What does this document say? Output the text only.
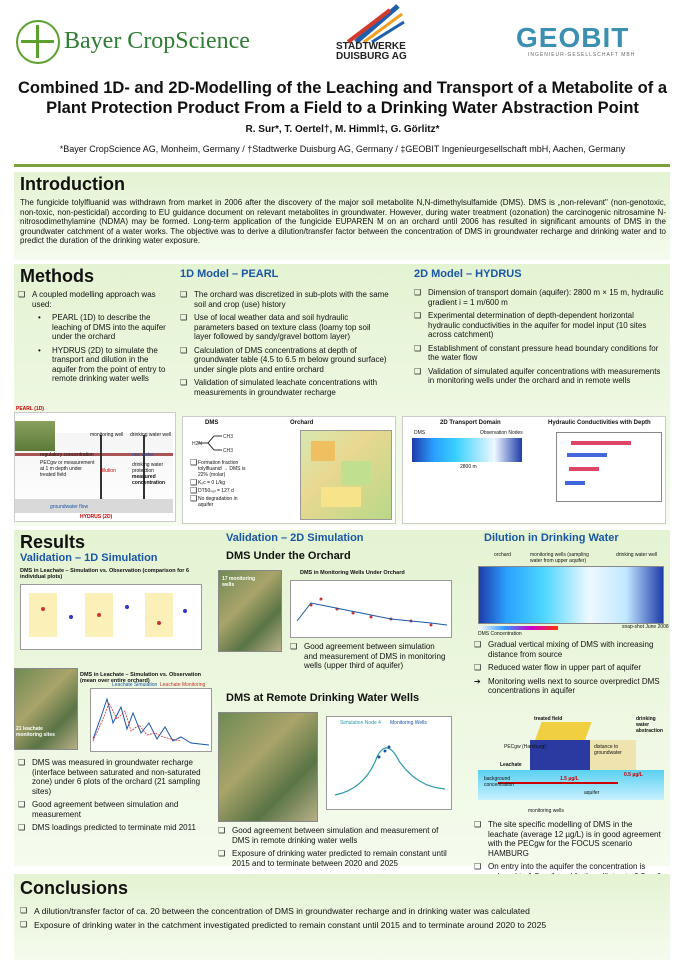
Bayer CropScience	STADTWERKE DUISBURG AG
GEOBIT
INGENIEUR-GESELLSCHAFT MBH
Combined 1D- and 2D-Modelling of the Leaching and Transport of a Metabolite of a Plant Protection Product From a Field to a Drinking Water Abstraction Point
R. Sur*, T. Oertel†, M. Himml‡, G. Görlitz*
*Bayer CropScience AG, Monheim, Germany / †Stadtwerke Duisburg AG, Germany / ‡GEOBIT Ingenieurgesellschaft mbH, Aachen, Germany
Introduction
The fungicide tolylfluanid was withdrawn from market in 2006 after the discovery of the major soil metabolite N,N-dimethylsulfamide (DMS). DMS is „non-relevant" (non-genotoxic, non-toxic, non-pesticidal) according to EU guidance document on relevant metabolites in groundwater. However, during water treatment (ozonation) the carcinogenic nitrosamine N-nitrosodimethylamine (NDMA) may be formed. Long-term application of the fungicide EUPAREN M on an orchard until 2006 has resulted in significant amounts of DMS in the groundwater catchment of a water works. The objective was to derive a dilution/transfer factor between the concentration of DMS in groundwater recharge and drinking water and to predict the duration of the drinking water exposure.
Methods
❑ A coupled modelling approach was used:
• PEARL (1D) to describe the leaching of DMS into the aquifer under the orchard
• HYDRUS (2D) to simulate the transport and dilution in the aquifer from the point of entry to remote drinking water wells
1D Model – PEARL
❑ The orchard was discretized in sub-plots with the same soil and crop (use) history
❑ Use of local weather data and soil hydraulic parameters based on texture class (loamy top soil layer followed by sandy/gravel bottom layer)
❑ Calculation of DMS concentrations at depth of groundwater table (4.5 to 6.5 m below ground surface) under single plots and entire orchard
❑ Validation of simulated leachate concentrations with measurements in groundwater recharge
2D Model – HYDRUS
❑ Dimension of transport domain (aquifer): 2800 m × 15 m, hydraulic gradient i = 1 m/600 m
❑ Experimental determination of depth-dependent horizontal hydraulic conductivities in the aquifer for model input (10 sites across catchment)
❑ Establishment of constant pressure head boundary conditions for the water flow
❑ Validation of simulated aquifer concentrations with measurements in monitoring wells under the orchard and in remote wells
PEARL (1D)
monitoring well drinking water well
regulatory concentration
PECgw or measurement at 1 m depth under treated field
raw water
drinking water protection
measured concentration
dilution
groundwater flow
HYDRUS (2D)
DMS
H2N
CH3
CH3
❑ Formation fraction tolylfluanid → DMS is 22% (molar)
❑ Kₒc = 0 L/kg
❑ DT50ₛₒᵢₗ = 127 d
❑ No degradation in aquifer
Orchard	2D Transport Domain
DMS	Observation Nodes
2800 m
Hydraulic Conductivities with Depth
Results
Validation – 1D Simulation
DMS in Leachate – Simulation vs. Observation (comparison for 6 individual plots)
DMS in Leachate – Simulation vs. Observation (mean over entire orchard)
21 leachate monitoring sites
Leachate Simulation Leachate Monitoring
❑ DMS was measured in groundwater recharge (interface between saturated and non-saturated zone) under 6 plots of the orchard (21 sampling sites)
❑ Good agreement between simulation and measurement
❑ DMS loadings predicted to terminate mid 2011
Validation – 2D Simulation
DMS Under the Orchard
17 monitoring wells
DMS in Monitoring Wells Under Orchard
❑ Good agreement between simulation and measurement of DMS in monitoring wells (upper third of aquifer)
DMS at Remote Drinking Water Wells
Simulation Node 4 Monitoring Wells
❑ Good agreement between simulation and measurement of DMS in remote drinking water wells
❑ Exposure of drinking water predicted to remain constant until 2015 and to terminate between 2020 and 2025
Dilution in Drinking Water
orchard	monitoring wells (sampling water from upper aquifer)
drinking water well
DMS Concentration
snap-shot June 2008
❑ Gradual vertical mixing of DMS with increasing distance from source
❑ Reduced water flow in upper part of aquifer
➔ Monitoring wells next to source overpredict DMS concentrations in aquifer
treated field
PECgw (Hamburg)	distance to groundwater
Leachate
background concentration
1.5 µg/L
0.5 µg/L
aquifer
monitoring wells
drinking water abstraction
❑ The site specific modelling of DMS in the leachate (average 12 µg/L) is in good agreement with the PECgw for the FOCUS scenario HAMBURG
❑ On entry into the aquifer the concentration is
Conclusions
❑ A dilution/transfer factor of ca. 20 between the concentration of DMS in groundwater recharge and in drinking water was calculated
❑ Exposure of drinking water in the catchment investigated predicted to remain constant until 2015 and to terminate around 2020 to 2025
